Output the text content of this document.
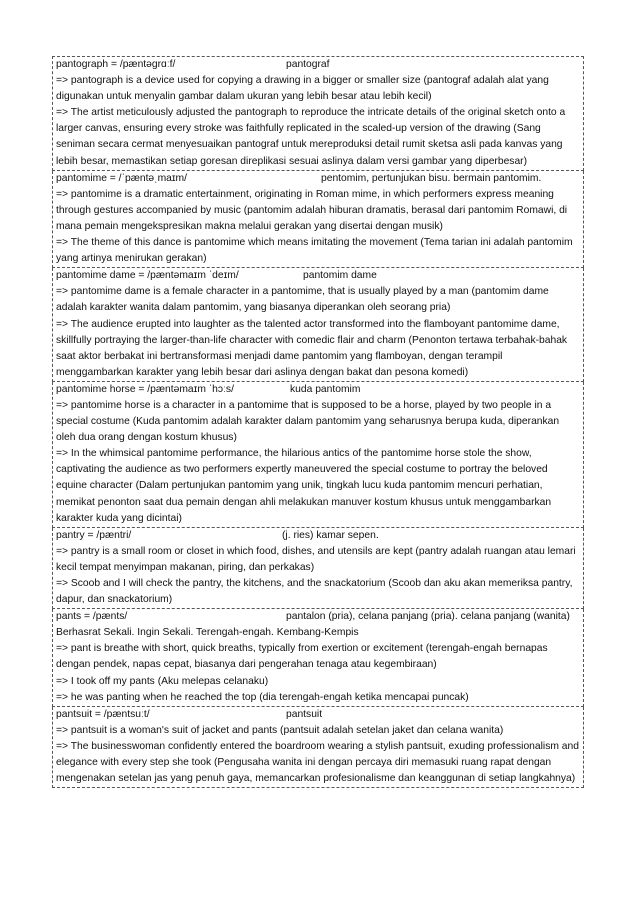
pantograph = /pæntəgrɑːf/	pantograf
=> pantograph is a device used for copying a drawing in a bigger or smaller size (pantograf adalah alat yang digunakan untuk menyalin gambar dalam ukuran yang lebih besar atau lebih kecil)
=> The artist meticulously adjusted the pantograph to reproduce the intricate details of the original sketch onto a larger canvas, ensuring every stroke was faithfully replicated in the scaled-up version of the drawing (Sang seniman secara cermat menyesuaikan pantograf untuk mereproduksi detail rumit sketsa asli pada kanvas yang lebih besar, memastikan setiap goresan direplikasi sesuai aslinya dalam versi gambar yang diperbesar)
pantomime = /ˈpæntəˌmaɪm/	pentomim, pertunjukan bisu. bermain pantomim.
=> pantomime is a dramatic entertainment, originating in Roman mime, in which performers express meaning through gestures accompanied by music (pantomim adalah hiburan dramatis, berasal dari pantomim Romawi, di mana pemain mengekspresikan makna melalui gerakan yang disertai dengan musik)
=> The theme of this dance is pantomime which means imitating the movement (Tema tarian ini adalah pantomim yang artinya menirukan gerakan)
pantomime dame = /pæntəmaɪm ˈdeɪm/	pantomim dame
=> pantomime dame is a female character in a pantomime, that is usually played by a man (pantomim dame adalah karakter wanita dalam pantomim, yang biasanya diperankan oleh seorang pria)
=> The audience erupted into laughter as the talented actor transformed into the flamboyant pantomime dame, skillfully portraying the larger-than-life character with comedic flair and charm (Penonton tertawa terbahak-bahak saat aktor berbakat ini bertransformasi menjadi dame pantomim yang flamboyan, dengan terampil menggambarkan karakter yang lebih besar dari aslinya dengan bakat dan pesona komedi)
pantomime horse = /pæntəmaɪm ˈhɔːs/	kuda pantomim
=> pantomime horse is a character in a pantomime that is supposed to be a horse, played by two people in a special costume (Kuda pantomim adalah karakter dalam pantomim yang seharusnya berupa kuda, diperankan oleh dua orang dengan kostum khusus)
=> In the whimsical pantomime performance, the hilarious antics of the pantomime horse stole the show, captivating the audience as two performers expertly maneuvered the special costume to portray the beloved equine character (Dalam pertunjukan pantomim yang unik, tingkah lucu kuda pantomim mencuri perhatian, memikat penonton saat dua pemain dengan ahli melakukan manuver kostum khusus untuk menggambarkan karakter kuda yang dicintai)
pantry = /pæntri/	(j. ries) kamar sepen.
=> pantry is a small room or closet in which food, dishes, and utensils are kept (pantry adalah ruangan atau lemari kecil tempat menyimpan makanan, piring, dan perkakas)
=> Scoob and I will check the pantry, the kitchens, and the snackatorium (Scoob dan aku akan memeriksa pantry, dapur, dan snackatorium)
pants = /pænts/	pantalon (pria), celana panjang (pria). celana panjang (wanita)
Berhasrat Sekali. Ingin Sekali. Terengah-engah. Kembang-Kempis
=> pant is breathe with short, quick breaths, typically from exertion or excitement (terengah-engah bernapas dengan pendek, napas cepat, biasanya dari pengerahan tenaga atau kegembiraan)
=> I took off my pants (Aku melepas celanaku)
=> he was panting when he reached the top (dia terengah-engah ketika mencapai puncak)
pantsuit = /pæntsuːt/	pantsuit
=> pantsuit is a woman's suit of jacket and pants (pantsuit adalah setelan jaket dan celana wanita)
=> The businesswoman confidently entered the boardroom wearing a stylish pantsuit, exuding professionalism and elegance with every step she took (Pengusaha wanita ini dengan percaya diri memasuki ruang rapat dengan mengenakan setelan jas yang penuh gaya, memancarkan profesionalisme dan keanggunan di setiap langkahnya)
